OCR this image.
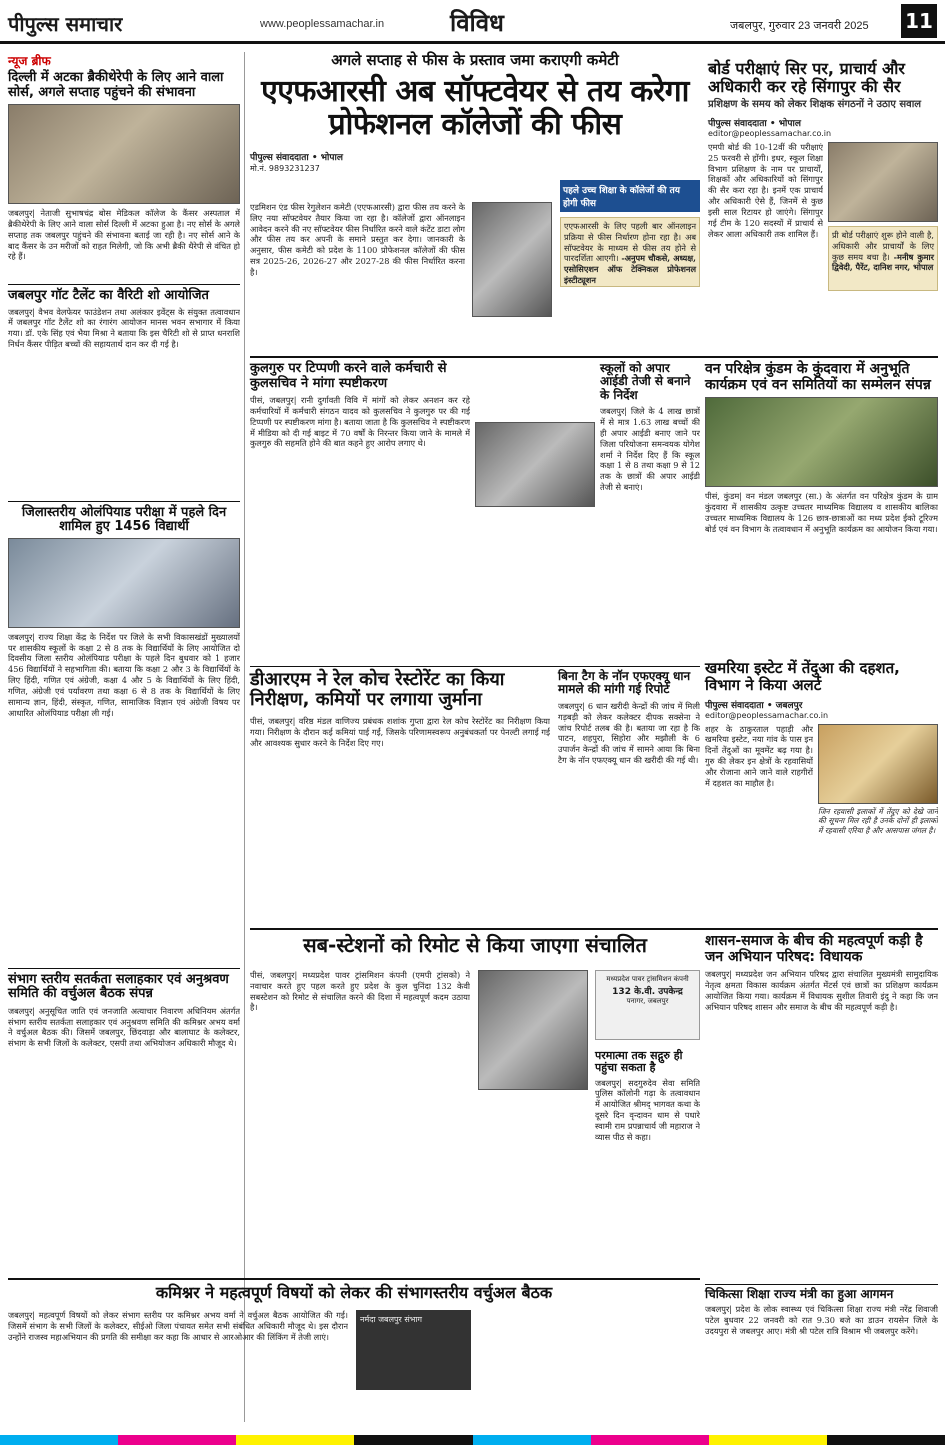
पीपुल्स समाचार	www.peoplessamachar.in	विविध	जबलपुर, गुरुवार 23 जनवरी 2025 11
न्यूज ब्रीफ
दिल्ली में अटका ब्रैकीथेरेपी के लिए आने वाला सोर्स, अगले सप्ताह पहुंचने की संभावना
जबलपुर| नेताजी सुभाषचंद्र बोस मेडिकल कॉलेज के कैंसर अस्पताल में ब्रैकीथेरेपी के लिए आने वाला सोर्स दिल्ली में अटका हुआ है। नए सोर्स के अगले सप्ताह तक जबलपुर पहुंचने की संभावना बताई जा रही है। नए सोर्स आने के बाद कैंसर के उन मरीजों को राहत मिलेगी, जो कि अभी ब्रैकी थैरेपी से वंचित हो रहे हैं।
जबलपुर गॉट टैलेंट का वैरिटी शो आयोजित
जबलपुर| वैभव वेलफेयर फाउंडेशन तथा अलंकार इवेंट्स के संयुक्त तत्वावधान में जबलपुर गॉट टैलेंट शो का रंगारंग आयोजन मानस भवन सभागार में किया गया। डॉ. एके सिंह एवं भैया मिश्रा ने बताया कि इस चैरिटी शो से प्राप्त धनराशि निर्धन कैंसर पीड़ित बच्चों की सहायतार्थ दान कर दी गई है।
जिलास्तरीय ओलंपियाड परीक्षा में पहले दिन शामिल हुए 1456 विद्यार्थी
जबलपुर| राज्य शिक्षा केंद्र के निर्देश पर जिले के सभी विकासखंडों मुख्यालयों पर शासकीय स्कूलों के कक्षा 2 से 8 तक के विद्यार्थियों के लिए आयोजित दो दिवसीय जिला स्तरीय ओलंपियाड परीक्षा के पहले दिन बुधवार को 1 हजार 456 विद्यार्थियों ने सहभागिता की। बताया कि कक्षा 2 और 3 के विद्यार्थियों के लिए हिंदी, गणित एवं अंग्रेजी, कक्षा 4 और 5 के विद्यार्थियों के लिए हिंदी, गणित, अंग्रेजी एवं पर्यावरण तथा कक्षा 6 से 8 तक के विद्यार्थियों के लिए सामान्य ज्ञान, हिंदी, संस्कृत, गणित, सामाजिक विज्ञान एवं अंग्रेजी विषय पर आधारित ओलंपियाड परीक्षा ली गई।
संभाग स्तरीय सतर्कता सलाहकार एवं अनुश्रवण समिति की वर्चुअल बैठक संपन्न
जबलपुर| अनुसूचित जाति एवं जनजाति अत्याचार निवारण अधिनियम अंतर्गत संभाग स्तरीय सतर्कता सलाहकार एवं अनुश्रवण समिति की कमिश्नर अभय वर्मा ने वर्चुअल बैठक की। जिसमें जबलपुर, छिंदवाड़ा और बालाघाट के कलेक्टर, संभाग के सभी जिलों के कलेक्टर, एसपी तथा अभियोजन अधिकारी मौजूद थे।
अगले सप्ताह से फीस के प्रस्ताव जमा कराएगी कमेटी
एएफआरसी अब सॉफ्टवेयर से तय करेगा प्रोफेशनल कॉलेजों की फीस
पीपुल्स संवाददाता • भोपाल
मो.नं. 9893231237
एडमिशन एंड फीस रेगुलेशन कमेटी (एएफआरसी) द्वारा फीस तय करने के लिए नया सॉफ्टवेयर तैयार किया जा रहा है। कॉलेजों द्वारा ऑनलाइन आवेदन करने की नए सॉफ्टवेयर फीस निर्धारित करने वाले कंटेंट डाटा लोग और फीस तय कर अपनी के समाने प्रस्तुत कर देगा। जानकारी के अनुसार, फीस कमेटी को प्रदेश के 1100 प्रोफेशनल कॉलेजों की फीस सत्र 2025-26, 2026-27 और 2027-28 की फीस निर्धारित करना है।
पहले उच्च शिक्षा के कॉलेजों की तय होगी फीस
एएफआरसी के लिए पहली बार ऑनलाइन प्रक्रिया से फीस निर्धारण होना रहा है। अब सॉफ्टवेयर के माध्यम से फीस तय होने से पारदर्शिता आएगी। -अनुपम चौकसे, अध्यक्ष, एसोसिएशन ऑफ टेक्निकल प्रोफेशनल इंस्टीट्यूशन
बोर्ड परीक्षाएं सिर पर, प्राचार्य और अधिकारी कर रहे सिंगापुर की सैर
प्रशिक्षण के समय को लेकर शिक्षक संगठनों ने उठाए सवाल
पीपुल्स संवाददाता • भोपाल
editor@peoplessamachar.co.in
एमपी बोर्ड की 10-12वीं की परीक्षाएं 25 फरवरी से होंगी। इधर, स्कूल शिक्षा विभाग प्रशिक्षण के नाम पर प्राचार्यों, शिक्षकों और अधिकारियों को सिंगापुर की सैर करा रहा है। इनमें एक प्राचार्य और अधिकारी ऐसे हैं, जिनमें से कुछ इसी साल रिटायर हो जाएंगे। सिंगापुर गई टीम के 120 सदस्यों में प्राचार्य से लेकर आला अधिकारी तक शामिल हैं।	प्री बोर्ड परीक्षाएं शुरू होने वाली है, अधिकारी और प्राचार्यों के लिए कुछ समय बचा है। -मनीष कुमार द्विवेदी, पैरेंट, दानिश नगर, भोपाल
कुलगुरु पर टिप्पणी करने वाले कर्मचारी से कुलसचिव ने मांगा स्पष्टीकरण
पीसं, जबलपुर| रानी दुर्गावती विवि में मांगों को लेकर अनशन कर रहे कर्मचारियों में कर्मचारी संगठन यादव को कुलसचिव ने कुलगुरु पर की गई टिप्पणी पर स्पष्टीकरण मांगा है। बताया जाता है कि कुलसचिव ने स्पष्टीकरण में मीडिया को दी गई बाइट में 70 वर्षों के निरन्तर किया जाने के मामले में कुलगुरु की सहमति होने की बात कहने हुए आरोप लगाए थे।
स्कूलों को अपार आईडी तेजी से बनाने के निर्देश
जबलपुर| जिले के 4 लाख छात्रों में से मात्र 1.63 लाख बच्चों की ही अपार आईडी बनाए जाने पर जिला परियोजना समन्वयक योगेश शर्मा ने निर्देश दिए हैं कि स्कूल कक्षा 1 से 8 तथा कक्षा 9 से 12 तक के छात्रों की अपार आईडी तेजी से बनाएं।
वन परिक्षेत्र कुंडम के कुंदवारा में अनुभूति कार्यक्रम एवं वन समितियों का सम्मेलन संपन्न
पीसं, कुंडम| वन मंडल जबलपुर (सा.) के अंतर्गत वन परिक्षेत्र कुंडम के ग्राम कुंदवारा में शासकीय उत्कृष्ट उच्चतर माध्यमिक विद्यालय व शासकीय बालिका उच्चतर माध्यमिक विद्यालय के 126 छात्र-छात्राओं का मध्य प्रदेश ईको टूरिज्म बोर्ड एवं वन विभाग के तत्वावधान में अनुभूति कार्यक्रम का आयोजन किया गया।
डीआरएम ने रेल कोच रेस्टोरेंट का किया निरीक्षण, कमियों पर लगाया जुर्माना
पीसं, जबलपुर| वरिष्ठ मंडल वाणिज्य प्रबंधक शशांक गुप्ता द्वारा रेल कोच रेस्टोरेंट का निरीक्षण किया गया। निरीक्षण के दौरान कई कमियां पाई गईं, जिसके परिणामस्वरूप अनुबंधकर्ता पर पेनल्टी लगाई गई और आवश्यक सुधार करने के निर्देश दिए गए।
बिना टैग के नॉन एफएक्यू धान मामले की मांगी गई रिपोर्ट
जबलपुर| 6 धान खरीदी केन्द्रों की जांच में मिली गड़बड़ी को लेकर कलेक्टर दीपक सक्सेना ने जांच रिपोर्ट तलब की है। बताया जा रहा है कि पाटन, शहपुरा, सिहोरा और मझौली के 6 उपार्जन केन्द्रों की जांच में सामने आया कि बिना टैग के नॉन एफएक्यू धान की खरीदी की गई थी।
खमरिया इस्टेट में तेंदुआ की दहशत, विभाग ने किया अलर्ट
पीपुल्स संवाददाता • जबलपुर
editor@peoplessamachar.co.in
शहर के ठाकुरताल पहाड़ी और खमरिया इस्टेट, नया गांव के पास इन दिनों तेंदुओं का मूवमेंट बढ़ गया है। गुरु की लेकर इन क्षेत्रों के रहवासियों और रोजाना आने जाने वाले राहगीरों में दहशत का माहौल है।
जिन रहवासी इलाकों में तेंदुए को देखे जाने की सूचना मिल रही है उनके दोनों ही इलाकों में रहवासी एरिया है और आसपास जंगल है।
सब-स्टेशनों को रिमोट से किया जाएगा संचालित
पीसं, जबलपुर| मध्यप्रदेश पावर ट्रांसमिशन कंपनी (एमपी ट्रांसको) ने नवाचार करते हुए पहल करते हुए प्रदेश के कुल चुनिंदा 132 केवी सबस्टेशन को रिमोट से संचालित करने की दिशा में महत्वपूर्ण कदम उठाया है।
मध्यप्रदेश पावर ट्रांसमिशन कंपनी
132 के.वी. उपकेन्द्र
पनागर, जबलपुर
परमात्मा तक सद्गुरु ही पहुंचा सकता है
जबलपुर| सदगुरुदेव सेवा समिति पुलिस कॉलोनी गढ़ा के तत्वावधान में आयोजित श्रीमद् भागवत कथा के दूसरे दिन वृन्दावन धाम से पधारे स्वामी राम प्रपन्नाचार्य जी महाराज ने व्यास पीठ से कहा।
शासन-समाज के बीच की महत्वपूर्ण कड़ी है जन अभियान परिषद: विधायक
जबलपुर| मध्यप्रदेश जन अभियान परिषद द्वारा संचालित मुख्यमंत्री सामुदायिक नेतृत्व क्षमता विकास कार्यक्रम अंतर्गत मेंटर्स एवं छात्रों का प्रशिक्षण कार्यक्रम आयोजित किया गया। कार्यक्रम में विधायक सुशील तिवारी इंदु ने कहा कि जन अभियान परिषद शासन और समाज के बीच की महत्वपूर्ण कड़ी है।
कमिश्नर ने महत्वपूर्ण विषयों को लेकर की संभागस्तरीय वर्चुअल बैठक
जबलपुर| महत्वपूर्ण विषयों को लेकर संभाग स्तरीय पर कमिश्नर अभय वर्मा ने वर्चुअल बैठक आयोजित की गई। जिसमें संभाग के सभी जिलों के कलेक्टर, सीईओ जिला पंचायत समेत सभी संबंधित अधिकारी मौजूद थे। इस दौरान उन्होंने राजस्व महाअभियान की प्रगति की समीक्षा कर कहा कि आधार से आरओआर की लिंकिंग में तेजी लाएं।
नर्मदा जबलपुर संभाग
चिकित्सा शिक्षा राज्य मंत्री का हुआ आगमन
जबलपुर| प्रदेश के लोक स्वास्थ्य एवं चिकित्सा शिक्षा राज्य मंत्री नरेंद्र शिवाजी पटेल बुधवार 22 जनवरी को रात 9.30 बजे का डाउन रायसेन जिले के उदयपुरा से जबलपुर आए। मंत्री श्री पटेल रात्रि विश्राम भी जबलपुर करेंगे।
